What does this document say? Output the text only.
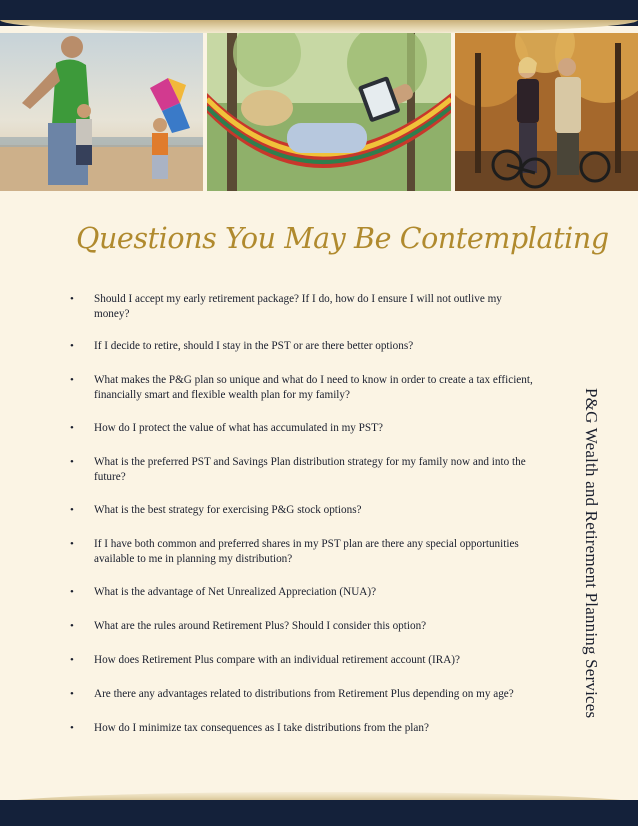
Questions You May Be Contemplating
•	Should I accept my early retirement package? If I do, how do I ensure I will not outlive my money?
•	If I decide to retire, should I stay in the PST or are there better options?
•	What makes the P&G plan so unique and what do I need to know in order to create a tax efficient, financially smart and flexible wealth plan for my family?
•	How do I protect the value of what has accumulated in my PST?
•	What is the preferred PST and Savings Plan distribution strategy for my family now and into the future?
•	What is the best strategy for exercising P&G stock options?
•	If I have both common and preferred shares in my PST plan are there any special opportunities available to me in planning my distribution?
•	What is the advantage of Net Unrealized Appreciation (NUA)?
•	What are the rules around Retirement Plus? Should I consider this option?
•	How does Retirement Plus compare with an individual retirement account (IRA)?
•	Are there any advantages related to distributions from Retirement Plus depending on my age?
•	How do I minimize tax consequences as I take distributions from the plan?
P&G Wealth and Retirement Planning Services
